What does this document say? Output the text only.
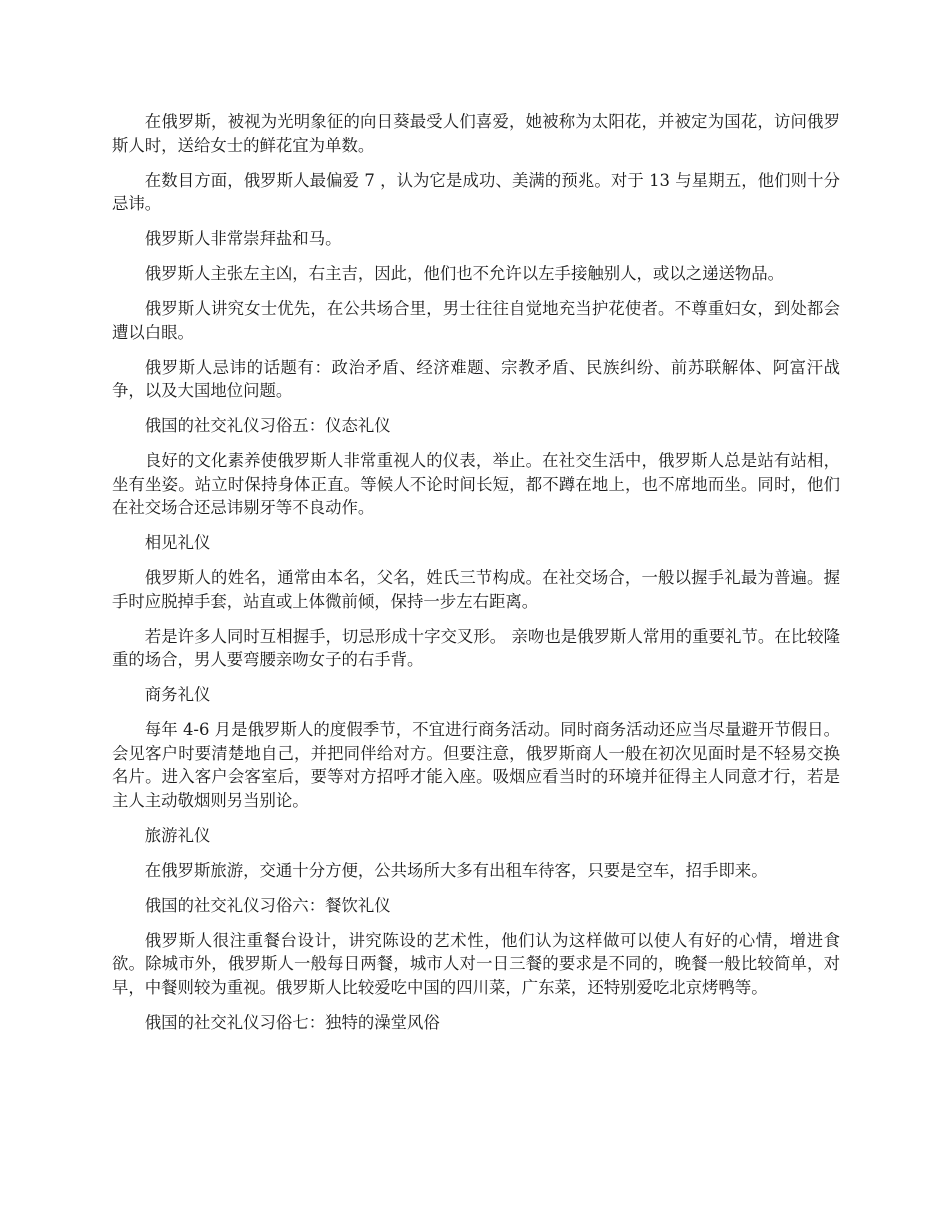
在俄罗斯，被视为光明象征的向日葵最受人们喜爱，她被称为太阳花，并被定为国花，访问俄罗斯人时，送给女士的鲜花宜为单数。

在数目方面，俄罗斯人最偏爱 7 ，认为它是成功、美满的预兆。对于 13 与星期五，他们则十分忌讳。

俄罗斯人非常崇拜盐和马。

俄罗斯人主张左主凶，右主吉，因此，他们也不允许以左手接触别人，或以之递送物品。

俄罗斯人讲究女士优先，在公共场合里，男士往往自觉地充当护花使者。不尊重妇女，到处都会遭以白眼。

俄罗斯人忌讳的话题有：政治矛盾、经济难题、宗教矛盾、民族纠纷、前苏联解体、阿富汗战争，以及大国地位问题。

俄国的社交礼仪习俗五：仪态礼仪

良好的文化素养使俄罗斯人非常重视人的仪表，举止。在社交生活中，俄罗斯人总是站有站相，坐有坐姿。站立时保持身体正直。等候人不论时间长短，都不蹲在地上，也不席地而坐。同时，他们在社交场合还忌讳剔牙等不良动作。

相见礼仪

俄罗斯人的姓名，通常由本名，父名，姓氏三节构成。在社交场合，一般以握手礼最为普遍。握手时应脱掉手套，站直或上体微前倾，保持一步左右距离。

若是许多人同时互相握手，切忌形成十字交叉形。 亲吻也是俄罗斯人常用的重要礼节。在比较隆重的场合，男人要弯腰亲吻女子的右手背。

商务礼仪

每年 4-6 月是俄罗斯人的度假季节，不宜进行商务活动。同时商务活动还应当尽量避开节假日。会见客户时要清楚地自己，并把同伴给对方。但要注意，俄罗斯商人一般在初次见面时是不轻易交换名片。进入客户会客室后，要等对方招呼才能入座。吸烟应看当时的环境并征得主人同意才行，若是主人主动敬烟则另当别论。

旅游礼仪

在俄罗斯旅游，交通十分方便，公共场所大多有出租车待客，只要是空车，招手即来。

俄国的社交礼仪习俗六：餐饮礼仪

俄罗斯人很注重餐台设计，讲究陈设的艺术性，他们认为这样做可以使人有好的心情，增进食欲。除城市外，俄罗斯人一般每日两餐，城市人对一日三餐的要求是不同的，晚餐一般比较简单，对早，中餐则较为重视。俄罗斯人比较爱吃中国的四川菜，广东菜，还特别爱吃北京烤鸭等。

俄国的社交礼仪习俗七：独特的澡堂风俗
